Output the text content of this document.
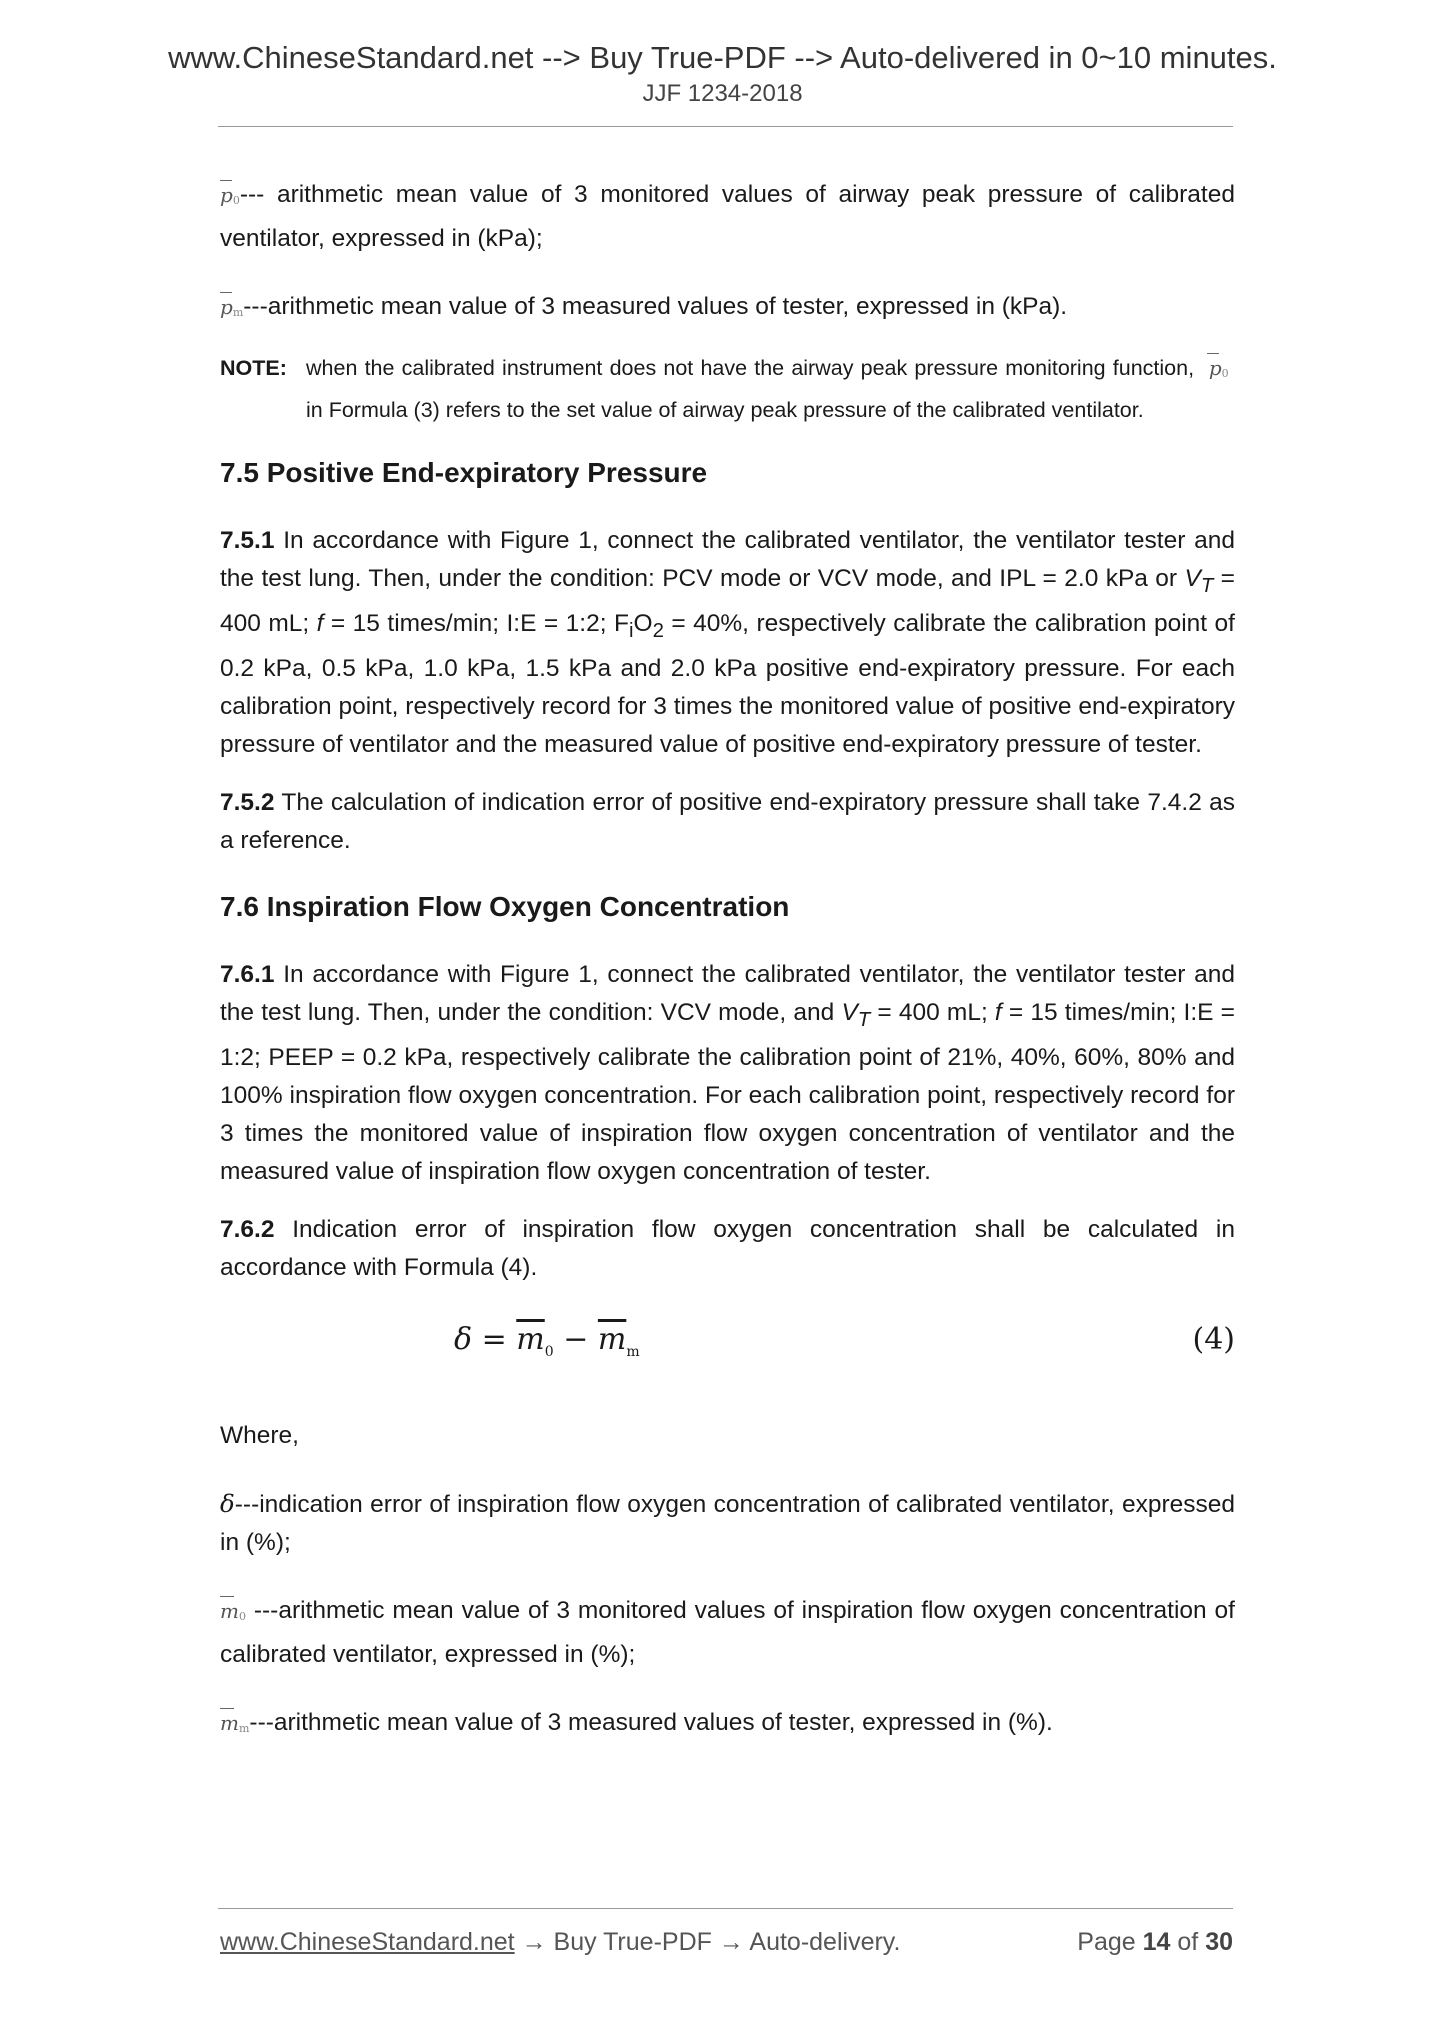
www.ChineseStandard.net --> Buy True-PDF --> Auto-delivered in 0~10 minutes.
JJF 1234-2018

$p_0---$ arithmetic mean value of 3 monitored values of airway peak pressure of calibrated ventilator, expressed in (kPa);

$p_m--$-arithmetic mean value of 3 measured values of tester, expressed in (kPa).

NOTE: when the calibrated instrument does not have the airway peak pressure monitoring function, $p_0$  in Formula (3) refers to the set value of airway peak pressure of the calibrated ventilator.

7.5 Positive End-expiratory Pressure

7.5.1 In accordance with Figure 1, connect the calibrated ventilator, the ventilator tester and the test lung. Then, under the condition: PCV mode or VCV mode, and IPL = 2.0 kPa or $V_T = 400$ mL; f = 15 times/min; I:E = 1:2; $F_iO_2 = 40\%$, respectively calibrate the calibration point of 0.2 kPa, 0.5 kPa, 1.0 kPa, 1.5 kPa and 2.0 kPa positive end-expiratory pressure. For each calibration point, respectively record for 3 times the monitored value of positive end-expiratory pressure of ventilator and the measured value of positive end-expiratory pressure of tester.

7.5.2 The calculation of indication error of positive end-expiratory pressure shall take 7.4.2 as a reference.

7.6 Inspiration Flow Oxygen Concentration

7.6.1 In accordance with Figure 1, connect the calibrated ventilator, the ventilator tester and the test lung. Then, under the condition: VCV mode, and $V_T = 400$ mL; f = 15 times/min; I:E = 1:2; PEEP = 0.2 kPa, respectively calibrate the calibration point of 21%, 40%, 60%, 80% and 100% inspiration flow oxygen concentration. For each calibration point, respectively record for 3 times the monitored value of inspiration flow oxygen concentration of ventilator and the measured value of inspiration flow oxygen concentration of tester.

7.6.2 Indication error of inspiration flow oxygen concentration shall be calculated in accordance with Formula (4).

$\delta = \overline{m}_0 - \overline{m}_m$	(4)

Where,

δ---indication error of inspiration flow oxygen concentration of calibrated ventilator, expressed in (%);

$m_0$ ---arithmetic mean value of 3 monitored values of inspiration flow oxygen concentration of calibrated ventilator, expressed in (%);

$m_m--$-arithmetic mean value of 3 measured values of tester, expressed in (%).

www.ChineseStandard.net → Buy True-PDF → Auto-delivery.	Page 14 of 30
